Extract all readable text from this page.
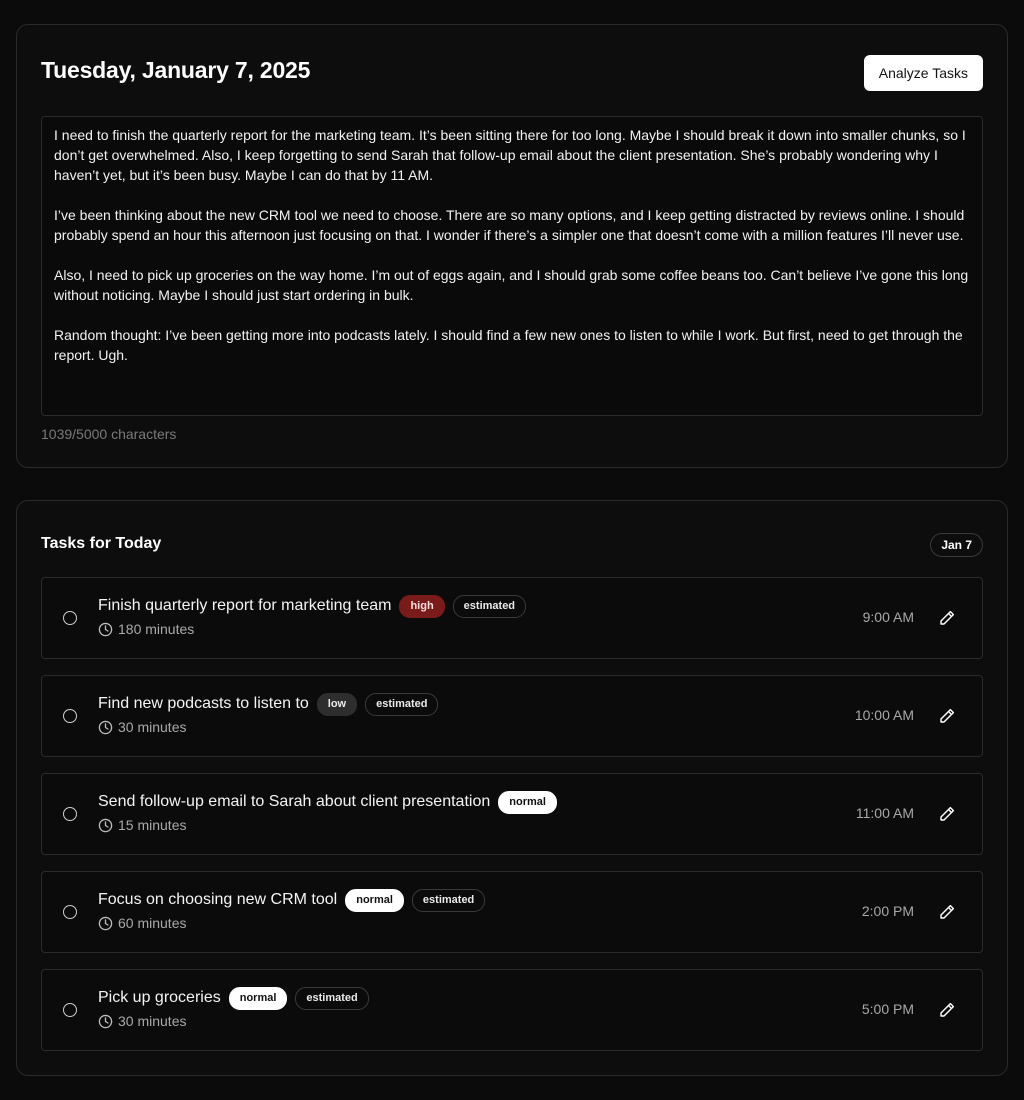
Tuesday, January 7, 2025	Analyze Tasks
I need to finish the quarterly report for the marketing team. It’s been sitting there for too long. Maybe I should break it down into smaller chunks, so I don’t get overwhelmed. Also, I keep forgetting to send Sarah that follow-up email about the client presentation. She’s probably wondering why I haven’t yet, but it’s been busy. Maybe I can do that by 11 AM. I’ve been thinking about the new CRM tool we need to choose. There are so many options, and I keep getting distracted by reviews online. I should probably spend an hour this afternoon just focusing on that. I wonder if there’s a simpler one that doesn’t come with a million features I’ll never use. Also, I need to pick up groceries on the way home. I’m out of eggs again, and I should grab some coffee beans too. Can’t believe I’ve gone this long without noticing. Maybe I should just start ordering in bulk. Random thought: I’ve been getting more into podcasts lately. I should find a few new ones to listen to while I work. But first, need to get through the report. Ugh.
1039/5000 characters
Tasks for Today	Jan 7
Finish quarterly report for marketing team	high	estimated
180 minutes
9:00 AM
Find new podcasts to listen to	low	estimated
30 minutes
10:00 AM
Send follow-up email to Sarah about client presentation	normal
15 minutes
11:00 AM
Focus on choosing new CRM tool	normal	estimated
60 minutes
2:00 PM
Pick up groceries	normal	estimated
30 minutes
5:00 PM
